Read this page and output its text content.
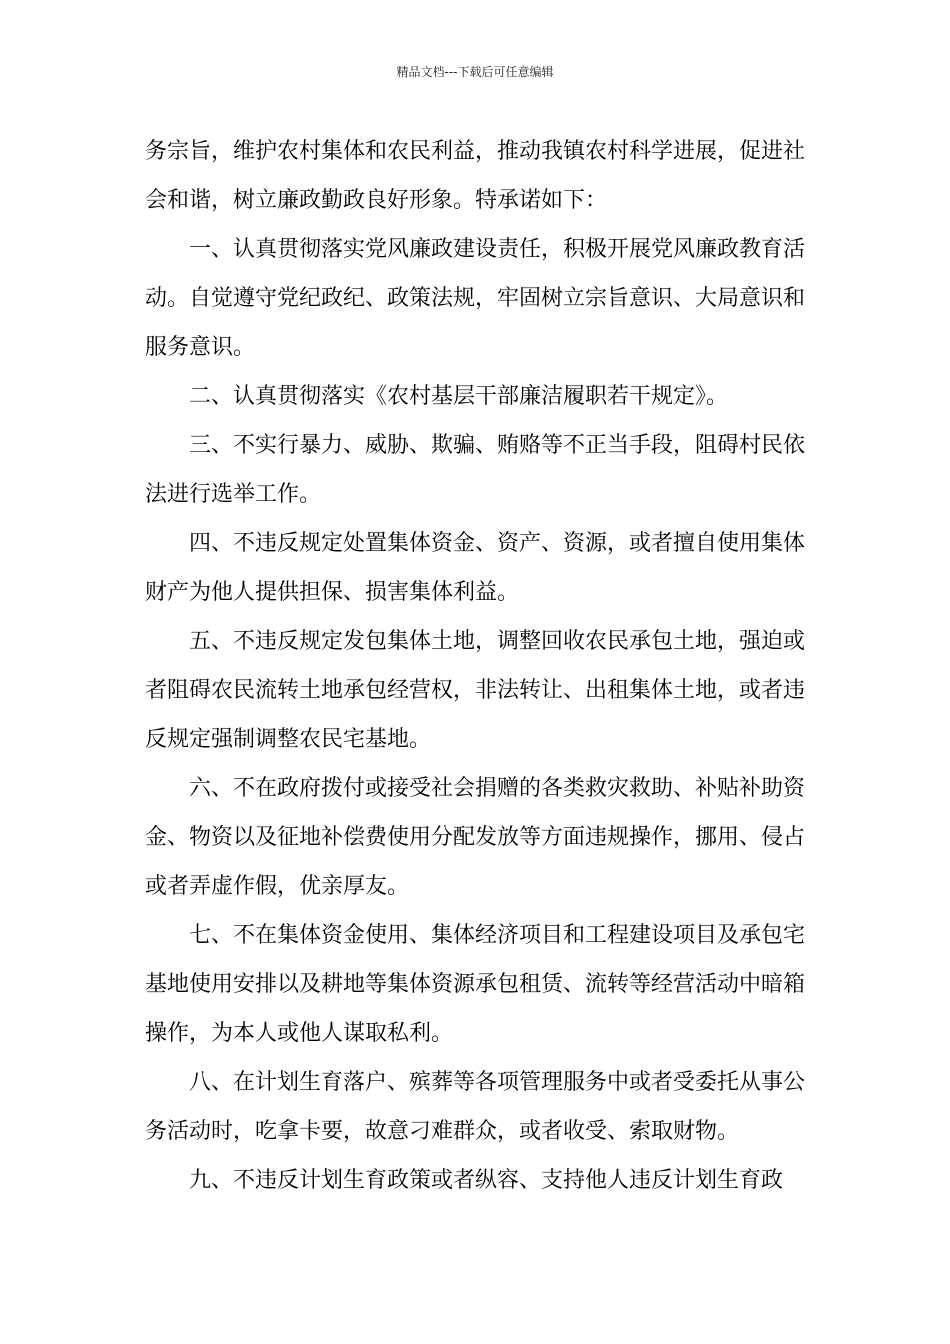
精品文档---下载后可任意编辑

务宗旨，维护农村集体和农民利益，推动我镇农村科学进展，促进社会和谐，树立廉政勤政良好形象。特承诺如下：

一、认真贯彻落实党风廉政建设责任，积极开展党风廉政教育活动。自觉遵守党纪政纪、政策法规，牢固树立宗旨意识、大局意识和服务意识。

二、认真贯彻落实《农村基层干部廉洁履职若干规定》。

三、不实行暴力、威胁、欺骗、贿赂等不正当手段，阻碍村民依法进行选举工作。

四、不违反规定处置集体资金、资产、资源，或者擅自使用集体财产为他人提供担保、损害集体利益。

五、不违反规定发包集体土地，调整回收农民承包土地，强迫或者阻碍农民流转土地承包经营权，非法转让、出租集体土地，或者违反规定强制调整农民宅基地。

六、不在政府拨付或接受社会捐赠的各类救灾救助、补贴补助资金、物资以及征地补偿费使用分配发放等方面违规操作，挪用、侵占或者弄虚作假，优亲厚友。

七、不在集体资金使用、集体经济项目和工程建设项目及承包宅基地使用安排以及耕地等集体资源承包租赁、流转等经营活动中暗箱操作，为本人或他人谋取私利。

八、在计划生育落户、殡葬等各项管理服务中或者受委托从事公务活动时，吃拿卡要，故意刁难群众，或者收受、索取财物。

九、不违反计划生育政策或者纵容、支持他人违反计划生育政
